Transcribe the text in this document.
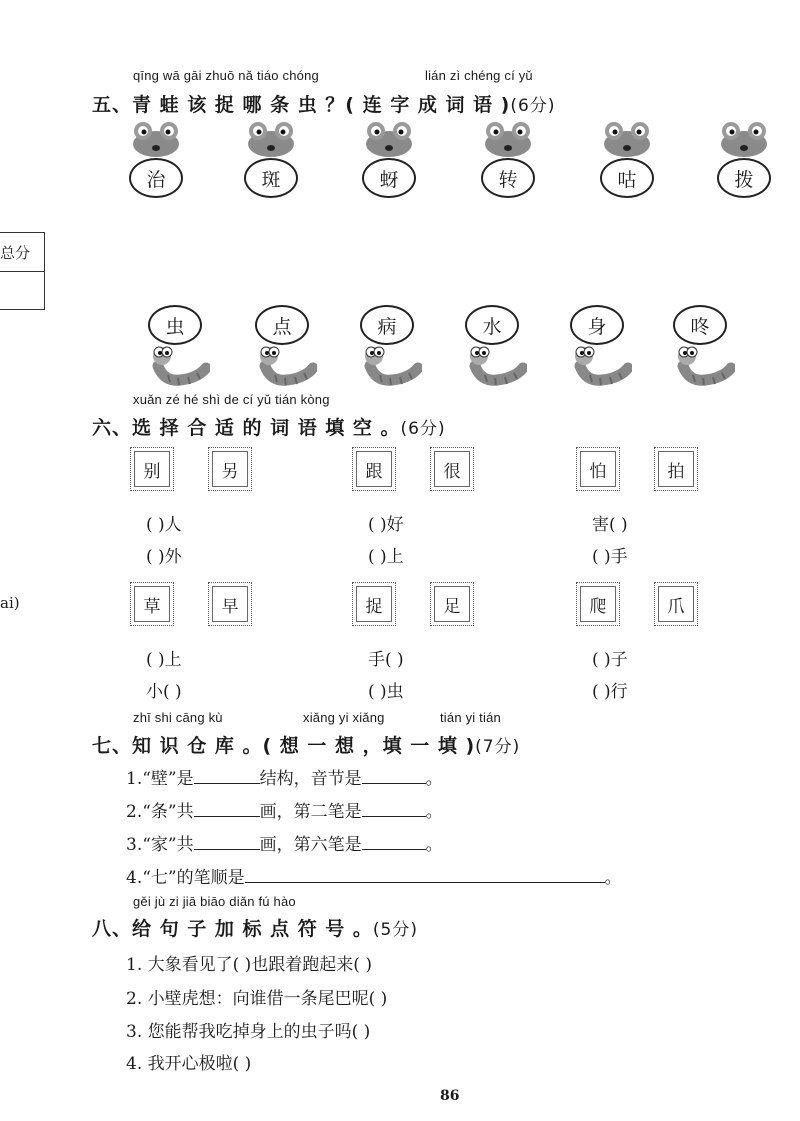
总分
ai)
qīng wā gāi zhuō nǎ tiáo chóng	lián zì chéng cí yǔ
五、青 蛙 该 捉 哪 条 虫 ？( 连 字 成 词 语 )(6分)
治	斑	蚜	转	咕	拨
虫	点	病	水	身	咚
xuǎn zé hé shì de cí yǔ tián kòng
六、选 择 合 适 的 词 语 填 空 。(6分)
别	另
( )人
( )外
跟	很
( )好
( )上
怕	拍
害( )
( )手
草	早
( )上
小( )
捉	足
手( )
( )虫
爬	爪
( )子
( )行
zhī shi cāng kù	xiǎng yi xiǎng	tián yi tián
七、知 识 仓 库 。( 想 一 想 ，填 一 填 )(7分)
1.“壁”是	结构，音节是	。
2.“条”共	画，第二笔是	。
3.“家”共	画，第六笔是	。
4.“七”的笔顺是	。
gěi jù zi jiā biāo diǎn fú hào
八、给 句 子 加 标 点 符 号 。(5分)
1. 大象看见了( )也跟着跑起来( )
2. 小壁虎想：向谁借一条尾巴呢( )
3. 您能帮我吃掉身上的虫子吗( )
4. 我开心极啦( )
86
